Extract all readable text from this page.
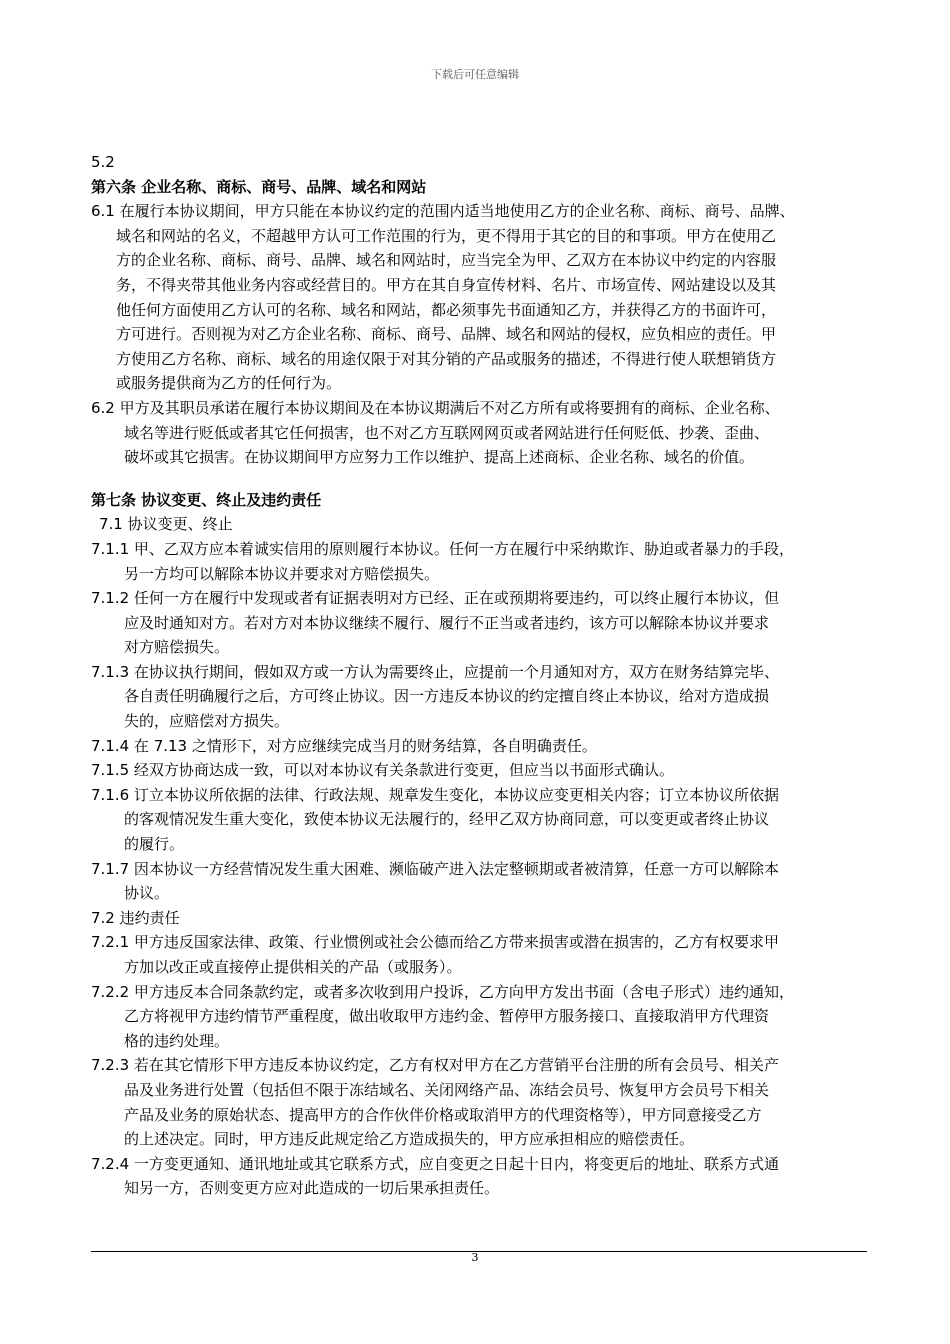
下载后可任意编辑
5.2
第六条 企业名称、商标、商号、品牌、域名和网站
6.1 在履行本协议期间，甲方只能在本协议约定的范围内适当地使用乙方的企业名称、商标、商号、品牌、
域名和网站的名义，不超越甲方认可工作范围的行为，更不得用于其它的目的和事项。甲方在使用乙
方的企业名称、商标、商号、品牌、域名和网站时，应当完全为甲、乙双方在本协议中约定的内容服
务，不得夹带其他业务内容或经营目的。甲方在其自身宣传材料、名片、市场宣传、网站建设以及其
他任何方面使用乙方认可的名称、域名和网站，都必须事先书面通知乙方，并获得乙方的书面许可，
方可进行。否则视为对乙方企业名称、商标、商号、品牌、域名和网站的侵权，应负相应的责任。甲
方使用乙方名称、商标、域名的用途仅限于对其分销的产品或服务的描述，不得进行使人联想销货方
或服务提供商为乙方的任何行为。
6.2 甲方及其职员承诺在履行本协议期间及在本协议期满后不对乙方所有或将要拥有的商标、企业名称、
域名等进行贬低或者其它任何损害，也不对乙方互联网网页或者网站进行任何贬低、抄袭、歪曲、
破坏或其它损害。在协议期间甲方应努力工作以维护、提高上述商标、企业名称、域名的价值。
第七条 协议变更、终止及违约责任
7.1 协议变更、终止
7.1.1 甲、乙双方应本着诚实信用的原则履行本协议。任何一方在履行中采纳欺诈、胁迫或者暴力的手段，
另一方均可以解除本协议并要求对方赔偿损失。
7.1.2 任何一方在履行中发现或者有证据表明对方已经、正在或预期将要违约，可以终止履行本协议，但
应及时通知对方。若对方对本协议继续不履行、履行不正当或者违约，该方可以解除本协议并要求
对方赔偿损失。
7.1.3 在协议执行期间，假如双方或一方认为需要终止，应提前一个月通知对方，双方在财务结算完毕、
各自责任明确履行之后，方可终止协议。因一方违反本协议的约定擅自终止本协议，给对方造成损
失的，应赔偿对方损失。
7.1.4 在 7.13 之情形下，对方应继续完成当月的财务结算，各自明确责任。
7.1.5 经双方协商达成一致，可以对本协议有关条款进行变更，但应当以书面形式确认。
7.1.6 订立本协议所依据的法律、行政法规、规章发生变化，本协议应变更相关内容；订立本协议所依据
的客观情况发生重大变化，致使本协议无法履行的，经甲乙双方协商同意，可以变更或者终止协议
的履行。
7.1.7 因本协议一方经营情况发生重大困难、濒临破产进入法定整顿期或者被清算，任意一方可以解除本
协议。
7.2 违约责任
7.2.1 甲方违反国家法律、政策、行业惯例或社会公德而给乙方带来损害或潜在损害的，乙方有权要求甲
方加以改正或直接停止提供相关的产品（或服务）。
7.2.2 甲方违反本合同条款约定，或者多次收到用户投诉，乙方向甲方发出书面（含电子形式）违约通知，
乙方将视甲方违约情节严重程度，做出收取甲方违约金、暂停甲方服务接口、直接取消甲方代理资
格的违约处理。
7.2.3 若在其它情形下甲方违反本协议约定，乙方有权对甲方在乙方营销平台注册的所有会员号、相关产
品及业务进行处置（包括但不限于冻结域名、关闭网络产品、冻结会员号、恢复甲方会员号下相关
产品及业务的原始状态、提高甲方的合作伙伴价格或取消甲方的代理资格等），甲方同意接受乙方
的上述决定。同时，甲方违反此规定给乙方造成损失的，甲方应承担相应的赔偿责任。
7.2.4 一方变更通知、通讯地址或其它联系方式，应自变更之日起十日内，将变更后的地址、联系方式通
知另一方，否则变更方应对此造成的一切后果承担责任。
3
